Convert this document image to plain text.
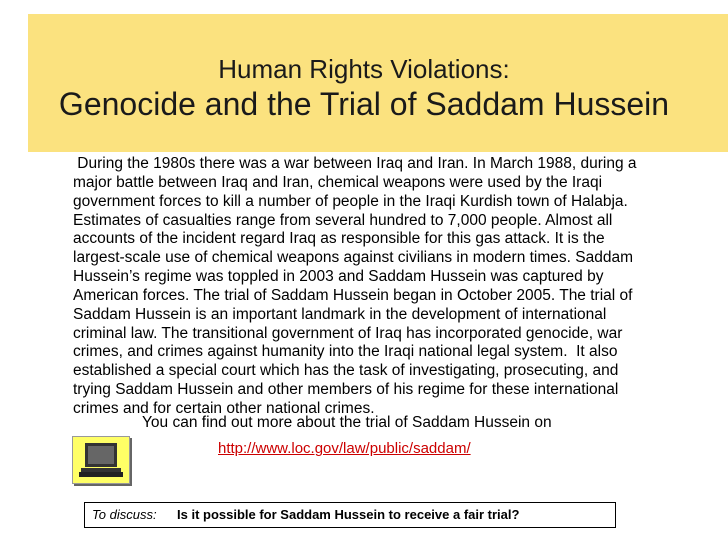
Human Rights Violations:
Genocide and the Trial of Saddam Hussein
During the 1980s there was a war between Iraq and Iran. In March 1988, during a
major battle between Iraq and Iran, chemical weapons were used by the Iraqi
government forces to kill a number of people in the Iraqi Kurdish town of Halabja.
Estimates of casualties range from several hundred to 7,000 people. Almost all
accounts of the incident regard Iraq as responsible for this gas attack. It is the
largest-scale use of chemical weapons against civilians in modern times. Saddam
Hussein’s regime was toppled in 2003 and Saddam Hussein was captured by
American forces. The trial of Saddam Hussein began in October 2005. The trial of
Saddam Hussein is an important landmark in the development of international
criminal law. The transitional government of Iraq has incorporated genocide, war
crimes, and crimes against humanity into the Iraqi national legal system.  It also
established a special court which has the task of investigating, prosecuting, and
trying Saddam Hussein and other members of his regime for these international
crimes and for certain other national crimes.
You can find out more about the trial of Saddam Hussein on
http://www.loc.gov/law/public/saddam/
To discuss: Is it possible for Saddam Hussein to receive a fair trial?
